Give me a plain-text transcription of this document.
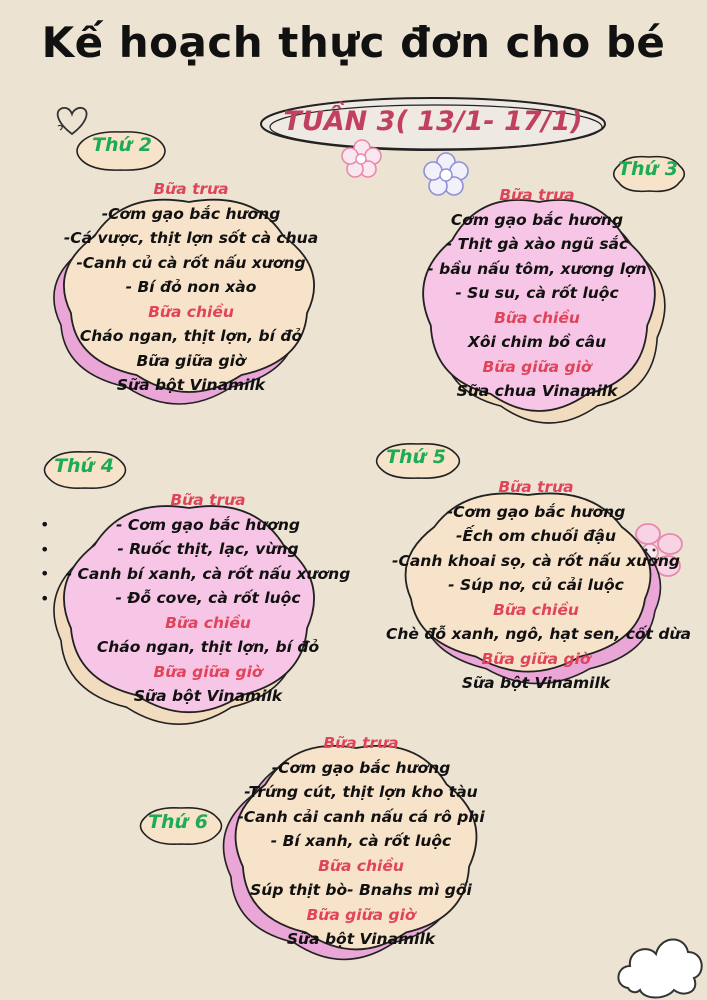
Kế hoạch thực đơn cho bé
TUẦN 3( 13/1- 17/1)
Thứ 2
Thứ 3
Thứ 4	Thứ 5
Thứ 6
Bữa trưa
-Cơm gạo bắc hương
-Cá vược, thịt lợn sốt cà chua
-Canh củ cà rốt nấu xương
- Bí đỏ non xào
Bữa chiều
Cháo ngan, thịt lợn, bí đỏ
Bữa giữa giờ
Sữa bột Vinamilk
Bữa trưa
Cơm gạo bắc hương
- Thịt gà xào ngũ sắc
- bầu nấu tôm, xương lợn
- Su su, cà rốt luộc
Bữa chiều
Xôi chim bồ câu
Bữa giữa giờ
Sữa chua Vinamilk
Bữa trưa
- Cơm gạo bắc hương
- Ruốc thịt, lạc, vừng
- Canh bí xanh, cà rốt nấu xương
- Đỗ cove, cà rốt luộc
Bữa chiều
Cháo ngan, thịt lợn, bí đỏ
Bữa giữa giờ
Sữa bột Vinamilk
Bữa trưa
-Cơm gạo bắc hương
-Ếch om chuối đậu
-Canh khoai sọ, cà rốt nấu xương
- Súp nơ, củ cải luộc
Bữa chiều
Chè đỗ xanh, ngô, hạt sen, cốt dừa
Bữa giữa giờ
Sữa bột Vinamilk
Bữa trưa
-Cơm gạo bắc hương
-Trứng cút, thịt lợn kho tàu
-Canh cải canh nấu cá rô phi
- Bí xanh, cà rốt luộc
Bữa chiều
Súp thịt bò- Bnahs mì gối
Bữa giữa giờ
Sữa bột Vinamilk
•
•
•
•
